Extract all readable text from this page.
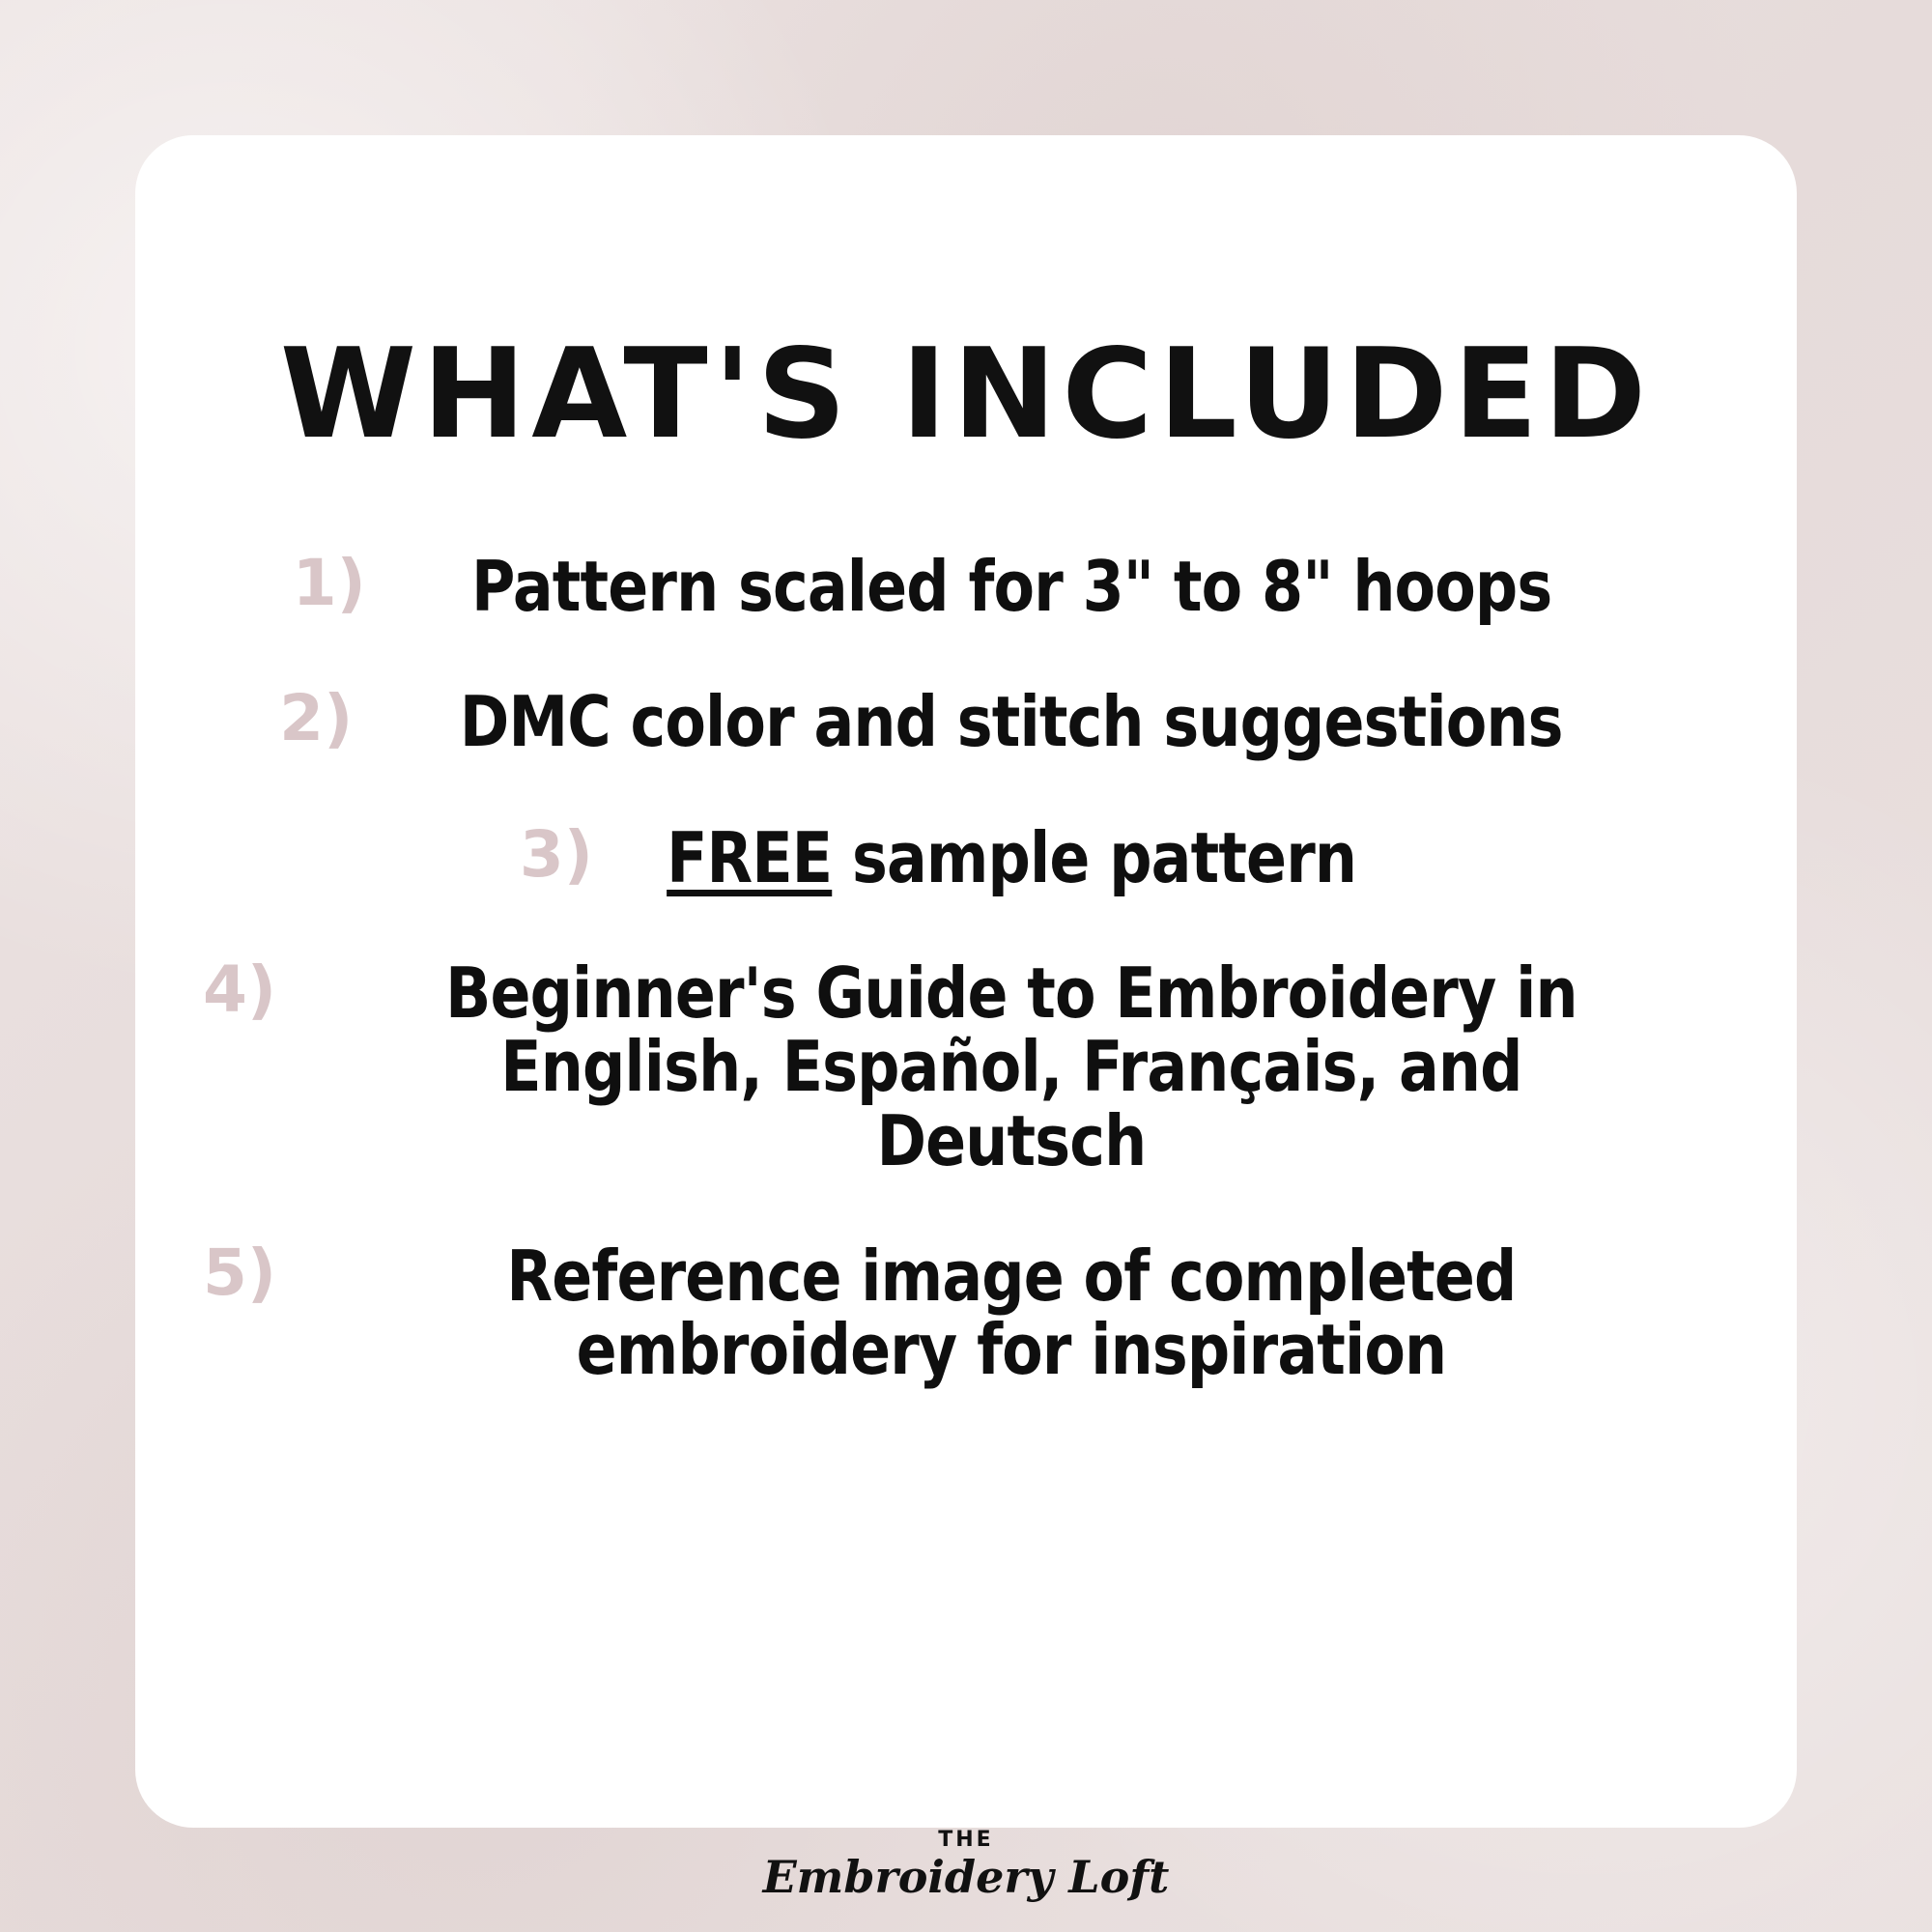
WHAT'S INCLUDED
1) Pattern scaled for 3" to 8" hoops
2) DMC color and stitch suggestions
3) FREE sample pattern
4)	Beginner's Guide to Embroidery in English, Español, Français, and Deutsch
5)	Reference image of completed embroidery for inspiration
THE
Embroidery Loft
